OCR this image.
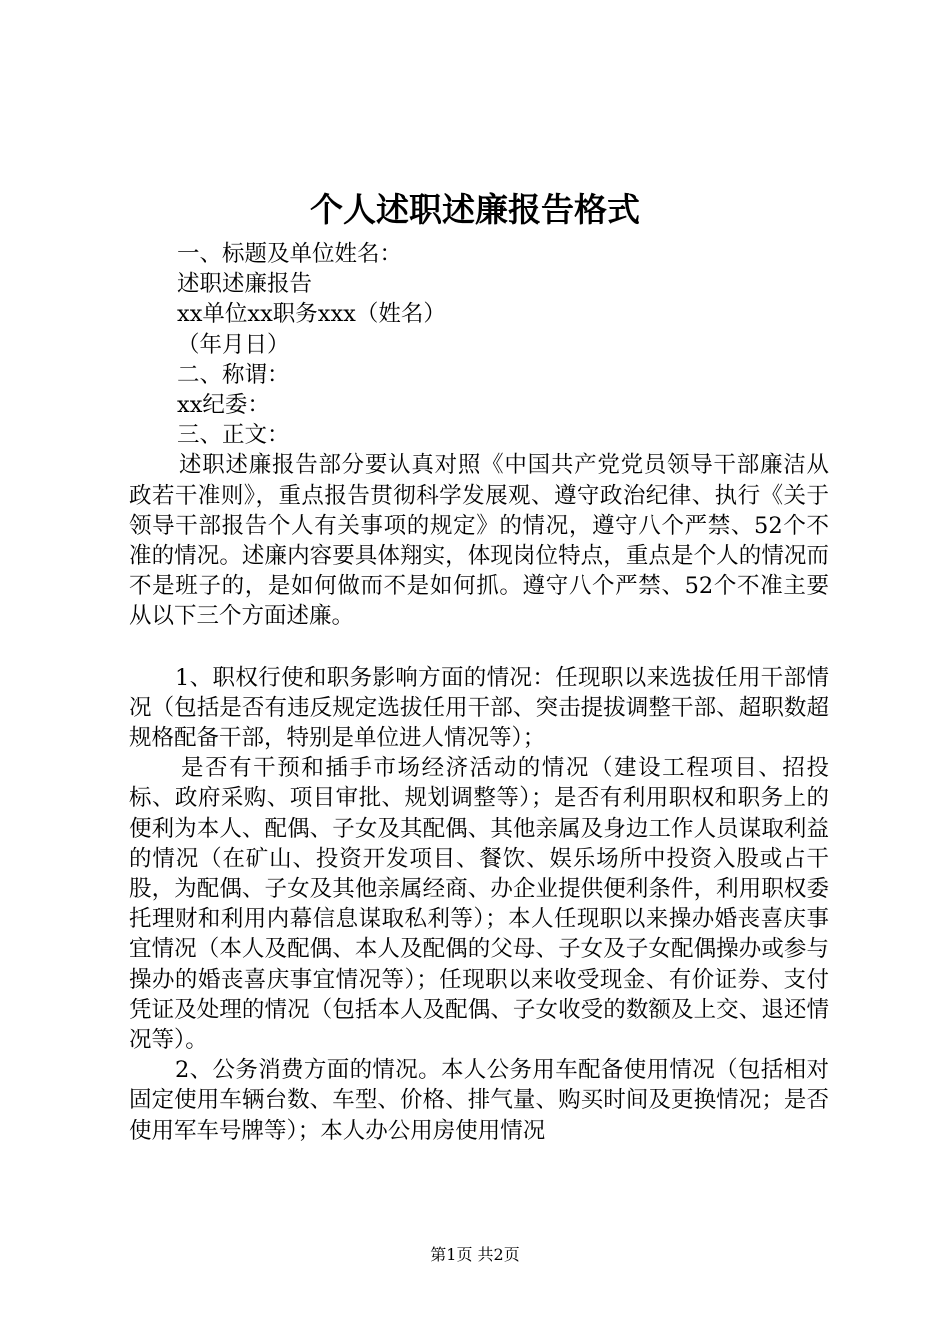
个人述职述廉报告格式

一、标题及单位姓名：

述职述廉报告

xx单位xx职务xxx（姓名）

（年月日）

二、称谓：

xx纪委：

三、正文：

述职述廉报告部分要认真对照《中国共产党党员领导干部廉洁从政若干准则》，重点报告贯彻科学发展观、遵守政治纪律、执行《关于领导干部报告个人有关事项的规定》的情况，遵守八个严禁、52个不准的情况。述廉内容要具体翔实，体现岗位特点，重点是个人的情况而不是班子的，是如何做而不是如何抓。遵守八个严禁、52个不准主要从以下三个方面述廉。

1、职权行使和职务影响方面的情况：任现职以来选拔任用干部情况（包括是否有违反规定选拔任用干部、突击提拔调整干部、超职数超规格配备干部，特别是单位进人情况等）；

是否有干预和插手市场经济活动的情况（建设工程项目、招投标、政府采购、项目审批、规划调整等）；是否有利用职权和职务上的便利为本人、配偶、子女及其配偶、其他亲属及身边工作人员谋取利益的情况（在矿山、投资开发项目、餐饮、娱乐场所中投资入股或占干股，为配偶、子女及其他亲属经商、办企业提供便利条件，利用职权委托理财和利用内幕信息谋取私利等）；本人任现职以来操办婚丧喜庆事宜情况（本人及配偶、本人及配偶的父母、子女及子女配偶操办或参与操办的婚丧喜庆事宜情况等）；任现职以来收受现金、有价证券、支付凭证及处理的情况（包括本人及配偶、子女收受的数额及上交、退还情况等）。

2、公务消费方面的情况。本人公务用车配备使用情况（包括相对固定使用车辆台数、车型、价格、排气量、购买时间及更换情况；是否使用军车号牌等）；本人办公用房使用情况

第1页 共2页
